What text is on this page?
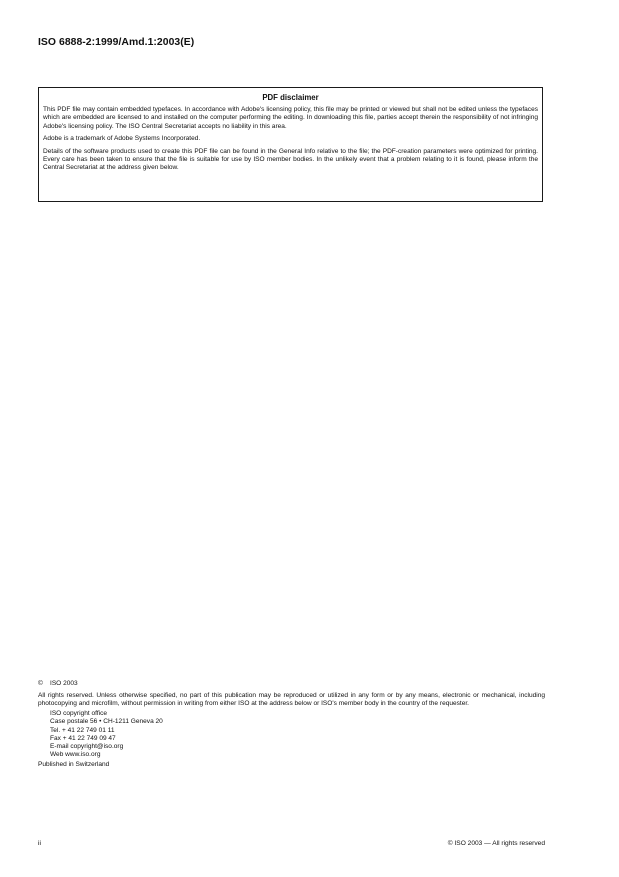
ISO 6888-2:1999/Amd.1:2003(E)
PDF disclaimer

This PDF file may contain embedded typefaces. In accordance with Adobe's licensing policy, this file may be printed or viewed but shall not be edited unless the typefaces which are embedded are licensed to and installed on the computer performing the editing. In downloading this file, parties accept therein the responsibility of not infringing Adobe's licensing policy. The ISO Central Secretariat accepts no liability in this area.

Adobe is a trademark of Adobe Systems Incorporated.

Details of the software products used to create this PDF file can be found in the General Info relative to the file; the PDF-creation parameters were optimized for printing. Every care has been taken to ensure that the file is suitable for use by ISO member bodies. In the unlikely event that a problem relating to it is found, please inform the Central Secretariat at the address given below.

© ISO 2003

All rights reserved. Unless otherwise specified, no part of this publication may be reproduced or utilized in any form or by any means, electronic or mechanical, including photocopying and microfilm, without permission in writing from either ISO at the address below or ISO's member body in the country of the requester.

ISO copyright office
Case postale 56 • CH-1211 Geneva 20
Tel. + 41 22 749 01 11
Fax + 41 22 749 09 47
E-mail copyright@iso.org
Web www.iso.org

Published in Switzerland

ii	© ISO 2003 — All rights reserved
